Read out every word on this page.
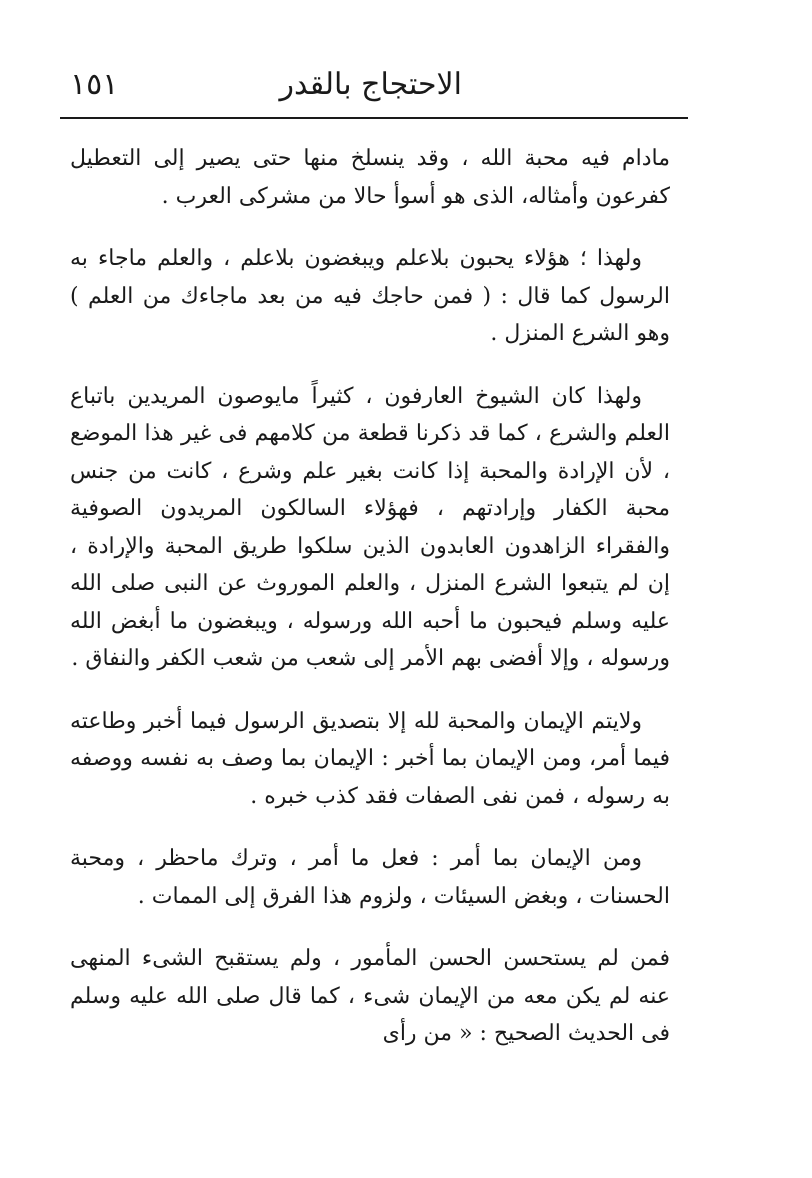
الاحتجاج بالقدر
١٥١

مادام فيه محبة الله ، وقد ينسلخ منها حتى يصير إلى التعطيل كفرعون وأمثاله، الذى هو أسوأ حالا من مشركى العرب .

ولهذا ؛ هؤلاء يحبون بلاعلم ويبغضون بلاعلم ، والعلم ماجاء به الرسول كما قال : ( فمن حاجك فيه من بعد ماجاءك من العلم ) وهو الشرع المنزل .

ولهذا كان الشيوخ العارفون ، كثيراً مايوصون المريدين باتباع العلم والشرع ، كما قد ذكرنا قطعة من كلامهم فى غير هذا الموضع ، لأن الإرادة والمحبة إذا كانت بغير علم وشرع ، كانت من جنس محبة الكفار وإرادتهم ، فهؤلاء السالكون المريدون الصوفية والفقراء الزاهدون العابدون الذين سلكوا طريق المحبة والإرادة ، إن لم يتبعوا الشرع المنزل ، والعلم الموروث عن النبى صلى الله عليه وسلم فيحبون ما أحبه الله ورسوله ، ويبغضون ما أبغض الله ورسوله ، وإلا أفضى بهم الأمر إلى شعب من شعب الكفر والنفاق .

ولايتم الإيمان والمحبة لله إلا بتصديق الرسول فيما أخبر وطاعته فيما أمر، ومن الإيمان بما أخبر : الإيمان بما وصف به نفسه ووصفه به رسوله ، فمن نفى الصفات فقد كذب خبره .

ومن الإيمان بما أمر : فعل ما أمر ، وترك ماحظر ، ومحبة الحسنات ، وبغض السيئات ، ولزوم هذا الفرق إلى الممات .

فمن لم يستحسن الحسن المأمور ، ولم يستقبح الشىء المنهى عنه لم يكن معه من الإيمان شىء ، كما قال صلى الله عليه وسلم فى الحديث الصحيح : « من رأى
